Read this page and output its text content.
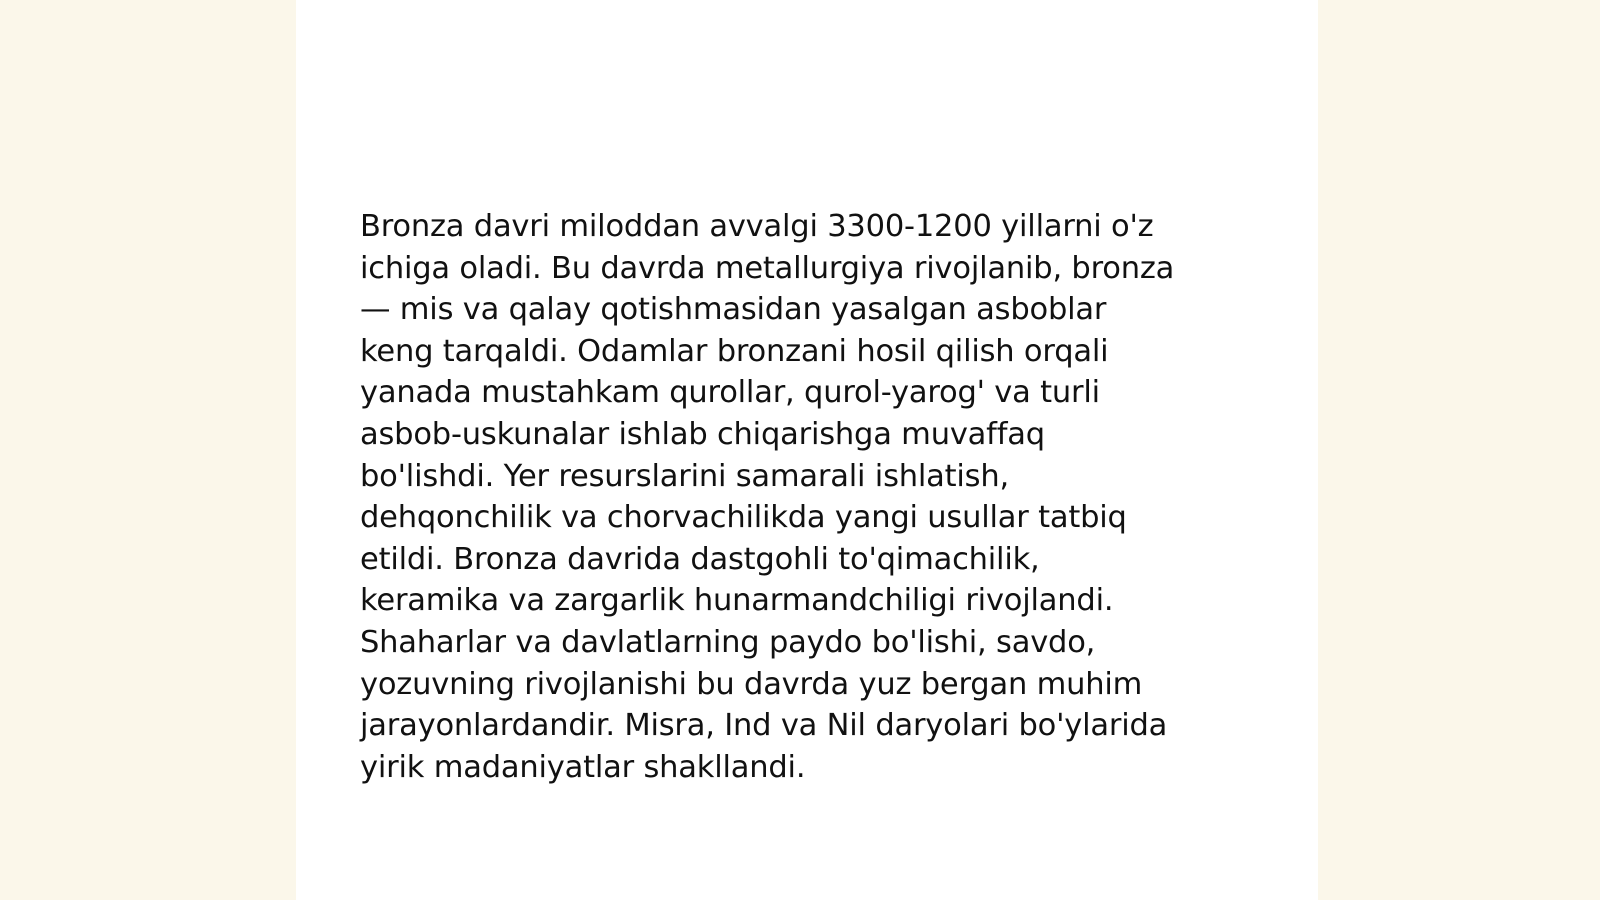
Bronza davri miloddan avvalgi 3300-1200 yillarni o'z
ichiga oladi. Bu davrda metallurgiya rivojlanib, bronza
— mis va qalay qotishmasidan yasalgan asboblar
keng tarqaldi. Odamlar bronzani hosil qilish orqali
yanada mustahkam qurollar, qurol-yarog' va turli
asbob-uskunalar ishlab chiqarishga muvaffaq
bo'lishdi. Yer resurslarini samarali ishlatish,
dehqonchilik va chorvachilikda yangi usullar tatbiq
etildi. Bronza davrida dastgohli to'qimachilik,
keramika va zargarlik hunarmandchiligi rivojlandi.
Shaharlar va davlatlarning paydo bo'lishi, savdo,
yozuvning rivojlanishi bu davrda yuz bergan muhim
jarayonlardandir. Misra, Ind va Nil daryolari bo'ylarida
yirik madaniyatlar shakllandi.
